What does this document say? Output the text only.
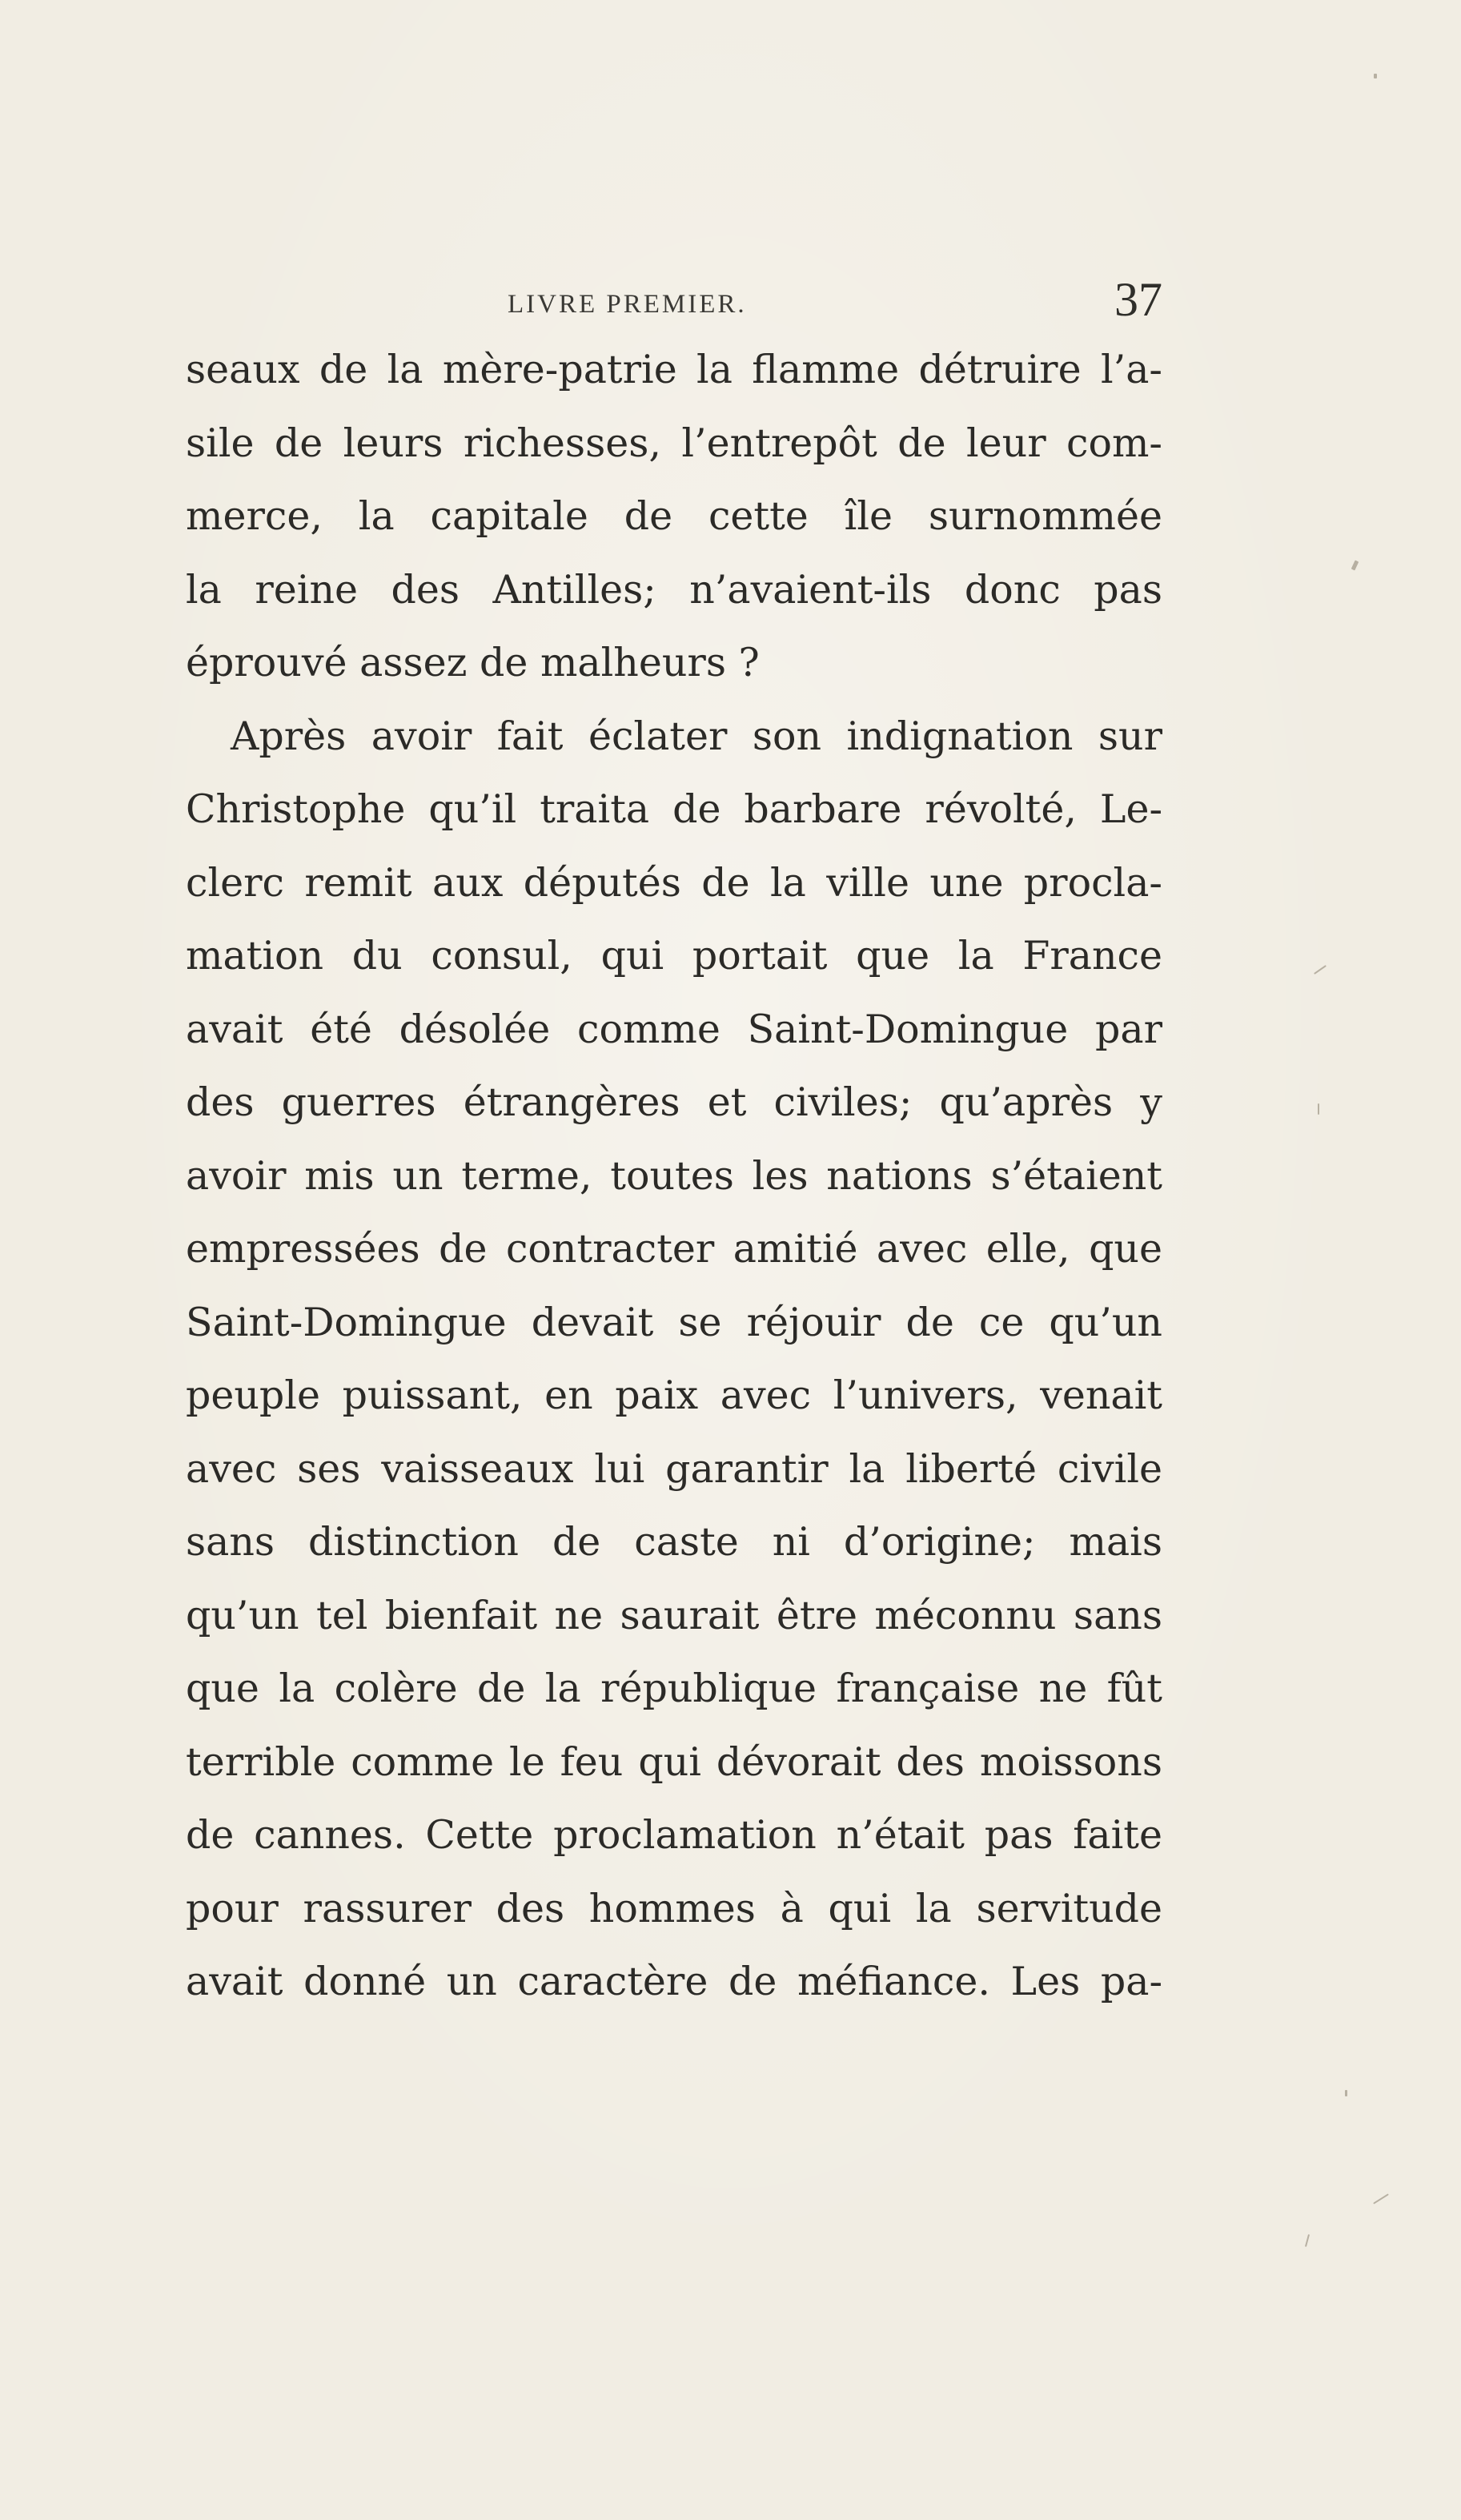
LIVRE PREMIER.	37
seaux de la mère-patrie la flamme détruire l’a-
sile de leurs richesses, l’entrepôt de leur com-
merce, la capitale de cette île surnommée
la reine des Antilles; n’avaient-ils donc pas
éprouvé assez de malheurs ?
Après avoir fait éclater son indignation sur
Christophe qu’il traita de barbare révolté, Le-
clerc remit aux députés de la ville une procla-
mation du consul, qui portait que la France
avait été désolée comme Saint-Domingue par
des guerres étrangères et civiles; qu’après y
avoir mis un terme, toutes les nations s’étaient
empressées de contracter amitié avec elle, que
Saint-Domingue devait se réjouir de ce qu’un
peuple puissant, en paix avec l’univers, venait
avec ses vaisseaux lui garantir la liberté civile
sans distinction de caste ni d’origine; mais
qu’un tel bienfait ne saurait être méconnu sans
que la colère de la république française ne fût
terrible comme le feu qui dévorait des moissons
de cannes. Cette proclamation n’était pas faite
pour rassurer des hommes à qui la servitude
avait donné un caractère de méfiance. Les pa-
